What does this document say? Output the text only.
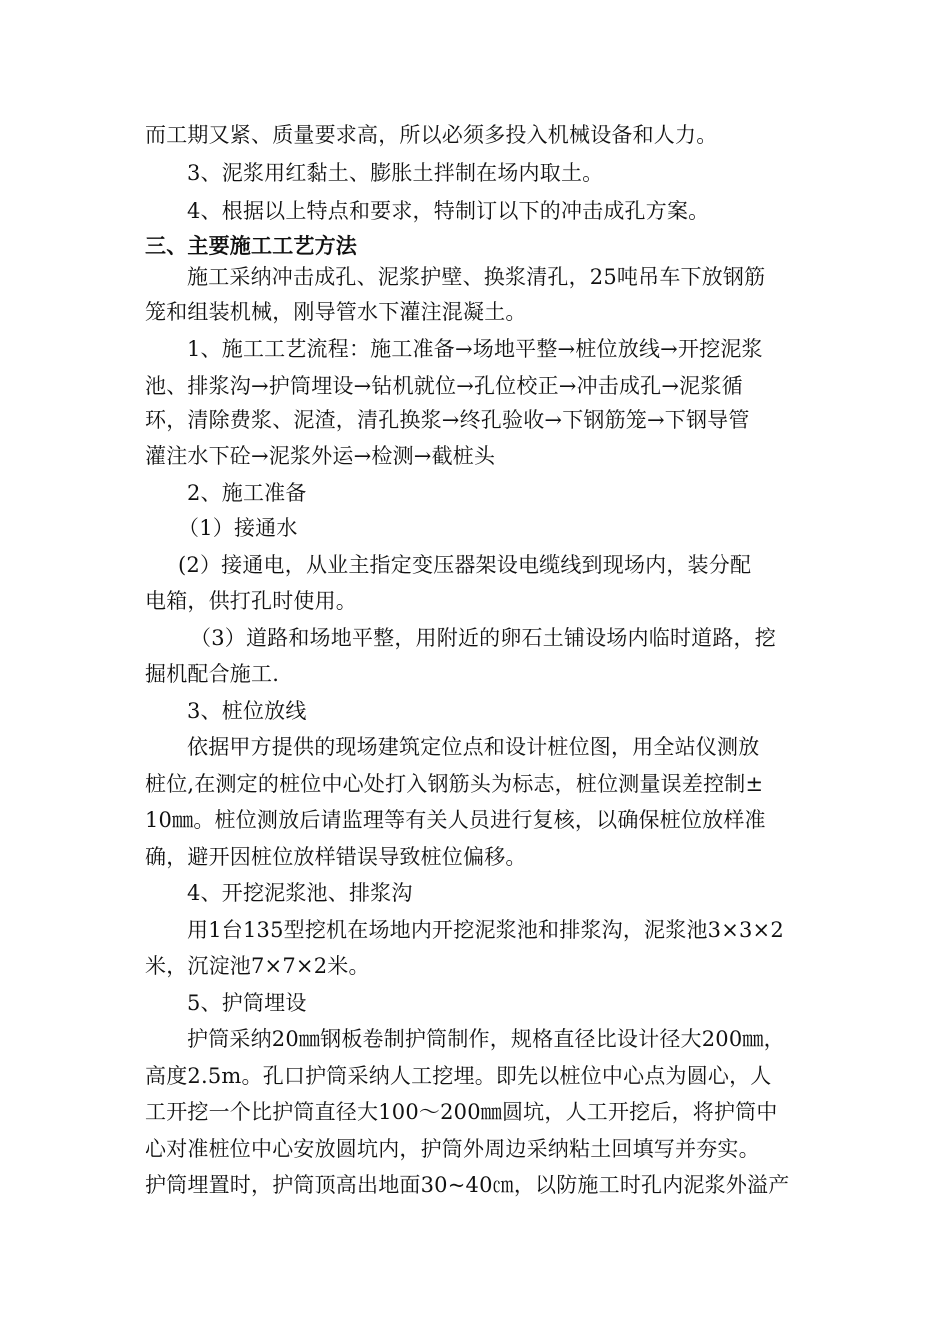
而工期又紧、质量要求高，所以必须多投入机械设备和人力。
3、泥浆用红黏土、膨胀土拌制在场内取土。
4、根据以上特点和要求，特制订以下的冲击成孔方案。
三、主要施工工艺方法
施工采纳冲击成孔、泥浆护壁、换浆清孔，25吨吊车下放钢筋
笼和组装机械，刚导管水下灌注混凝土。
1、施工工艺流程：施工准备→场地平整→桩位放线→开挖泥浆
池、排浆沟→护筒埋设→钻机就位→孔位校正→冲击成孔→泥浆循
环，清除费浆、泥渣，清孔换浆→终孔验收→下钢筋笼→下钢导管
灌注水下砼→泥浆外运→检测→截桩头
2、施工准备
（1）接通水
(2）接通电，从业主指定变压器架设电缆线到现场内，装分配
电箱，供打孔时使用。
（3）道路和场地平整，用附近的卵石土铺设场内临时道路，挖
掘机配合施工.
3、桩位放线
依据甲方提供的现场建筑定位点和设计桩位图，用全站仪测放
桩位,在测定的桩位中心处打入钢筋头为标志，桩位测量误差控制±
10㎜。桩位测放后请监理等有关人员进行复核，以确保桩位放样准
确，避开因桩位放样错误导致桩位偏移。
4、开挖泥浆池、排浆沟
用1台135型挖机在场地内开挖泥浆池和排浆沟，泥浆池3×3×2
米，沉淀池7×7×2米。
5、护筒埋设
护筒采纳20㎜钢板卷制护筒制作，规格直径比设计径大200㎜，
高度2.5m。孔口护筒采纳人工挖埋。即先以桩位中心点为圆心，人
工开挖一个比护筒直径大100～200㎜圆坑，人工开挖后，将护筒中
心对准桩位中心安放圆坑内，护筒外周边采纳粘土回填写并夯实。
护筒埋置时，护筒顶高出地面30~40㎝，以防施工时孔内泥浆外溢产
